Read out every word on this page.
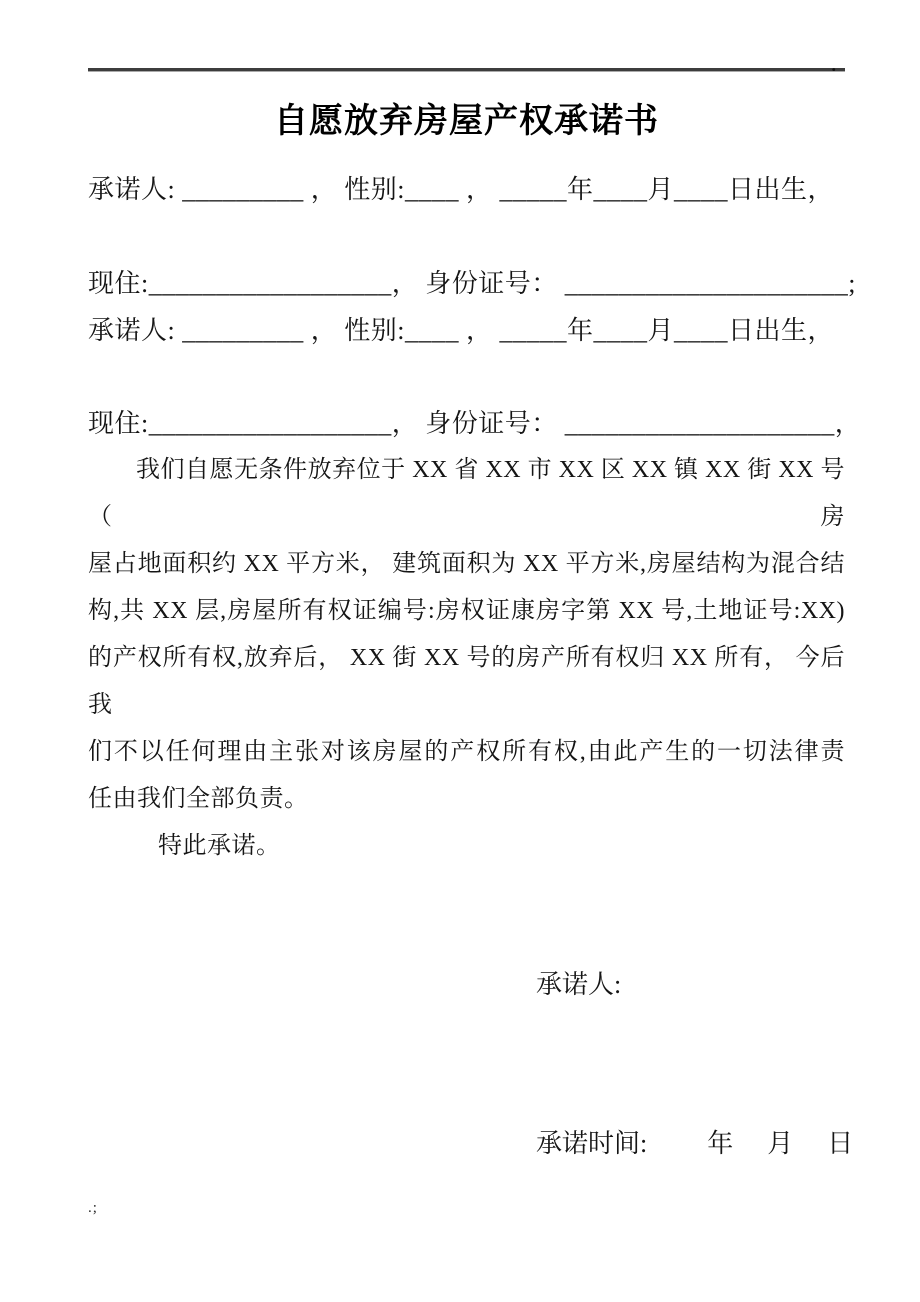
.
自愿放弃房屋产权承诺书
承诺人: _________ ， 性别:____ ， _____年____月____日出生，
现住:__________________， 身份证号： _____________________;
承诺人: _________ ， 性别:____ ， _____年____月____日出生，
现住:__________________， 身份证号： ____________________，
我们自愿无条件放弃位于 XX 省 XX 市 XX 区 XX 镇 XX 街 XX 号（房
屋占地面积约 XX 平方米， 建筑面积为 XX 平方米,房屋结构为混合结
构,共 XX 层,房屋所有权证编号:房权证康房字第 XX 号,土地证号:XX)
的产权所有权,放弃后， XX 街 XX 号的房产所有权归 XX 所有， 今后我
们不以任何理由主张对该房屋的产权所有权,由此产生的一切法律责
任由我们全部负责。
特此承诺。

承诺人:

承诺时间: 年 月 日

.;
